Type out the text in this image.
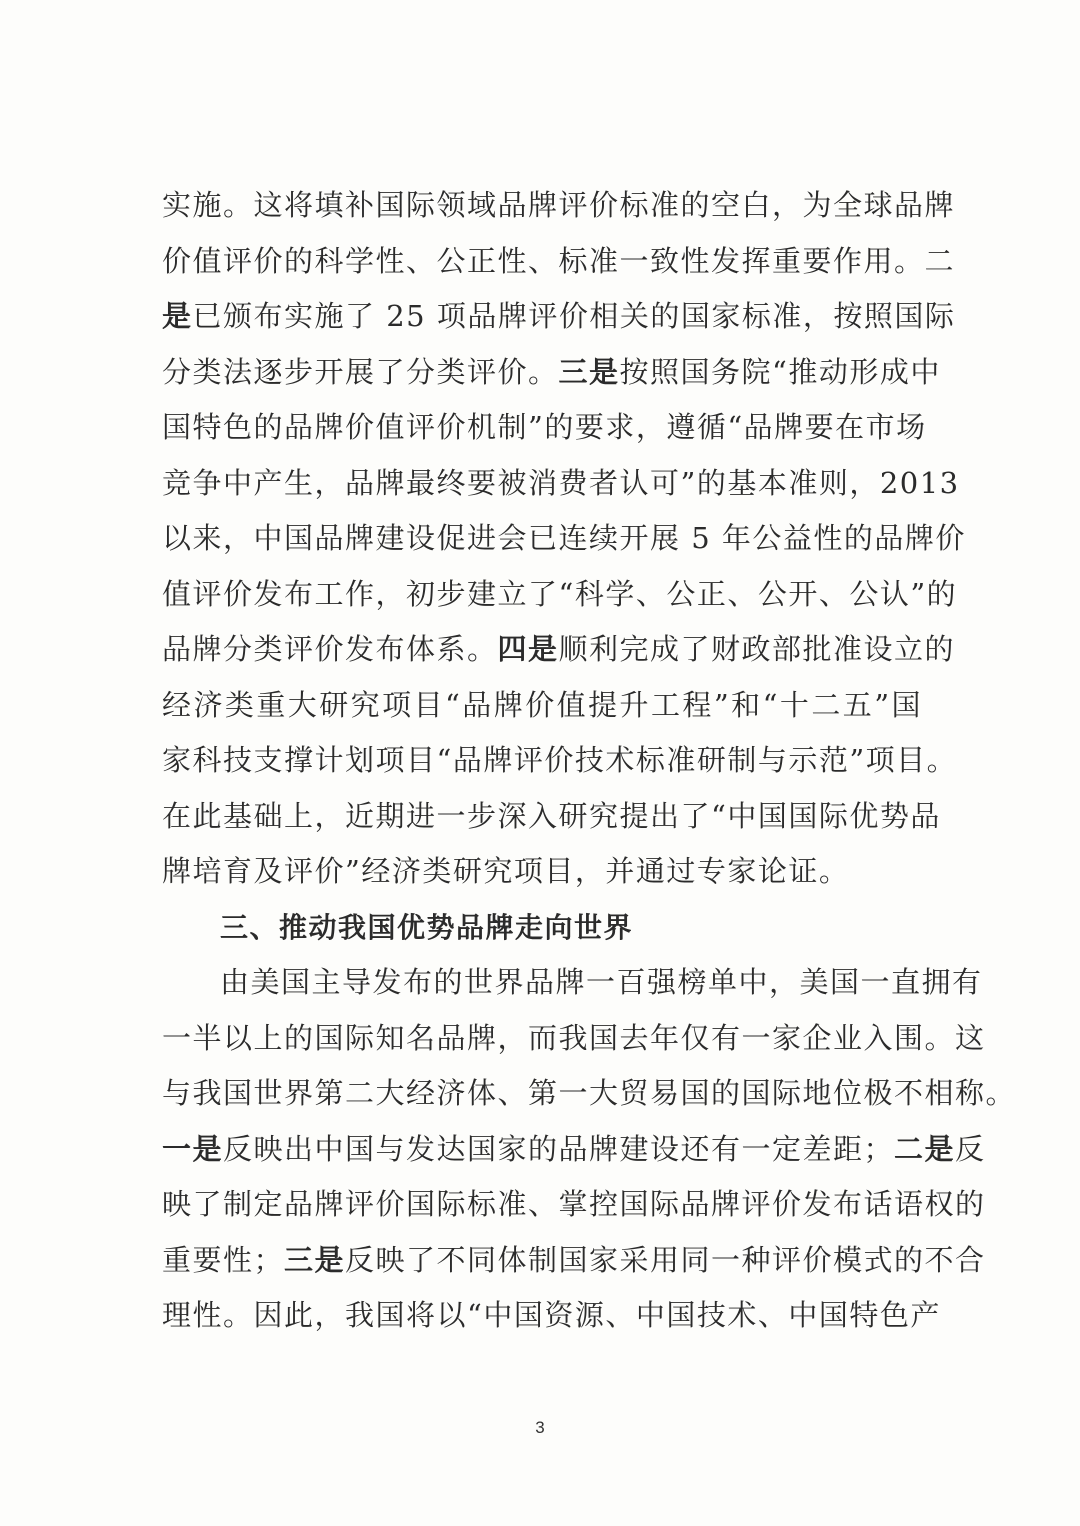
实施。这将填补国际领域品牌评价标准的空白，为全球品牌
价值评价的科学性、公正性、标准一致性发挥重要作用。二
是已颁布实施了 25 项品牌评价相关的国家标准，按照国际
分类法逐步开展了分类评价。三是按照国务院“推动形成中
国特色的品牌价值评价机制”的要求，遵循“品牌要在市场
竞争中产生，品牌最终要被消费者认可”的基本准则，2013
以来，中国品牌建设促进会已连续开展 5 年公益性的品牌价
值评价发布工作，初步建立了“科学、公正、公开、公认”的
品牌分类评价发布体系。四是顺利完成了财政部批准设立的
经济类重大研究项目“品牌价值提升工程”和“十二五”国
家科技支撑计划项目“品牌评价技术标准研制与示范”项目。
在此基础上，近期进一步深入研究提出了“中国国际优势品
牌培育及评价”经济类研究项目，并通过专家论证。
三、推动我国优势品牌走向世界
由美国主导发布的世界品牌一百强榜单中，美国一直拥有
一半以上的国际知名品牌，而我国去年仅有一家企业入围。这
与我国世界第二大经济体、第一大贸易国的国际地位极不相称。
一是反映出中国与发达国家的品牌建设还有一定差距；二是反
映了制定品牌评价国际标准、掌控国际品牌评价发布话语权的
重要性；三是反映了不同体制国家采用同一种评价模式的不合
理性。因此，我国将以“中国资源、中国技术、中国特色产
3
